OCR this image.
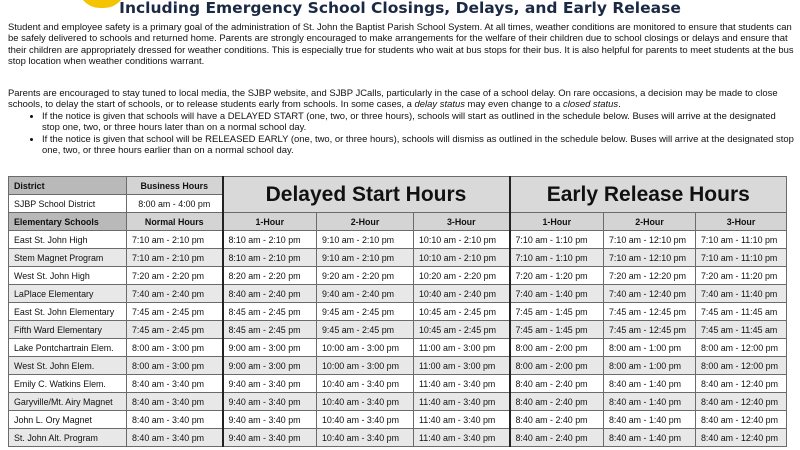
Including Emergency School Closings, Delays, and Early Release
Student and employee safety is a primary goal of the administration of St. John the Baptist Parish School System. At all times, weather conditions are monitored to ensure that students can be safely delivered to schools and returned home. Parents are strongly encouraged to make arrangements for the welfare of their children due to school closings or delays and ensure that their children are appropriately dressed for weather conditions. This is especially true for students who wait at bus stops for their bus. It is also helpful for parents to meet students at the bus stop location when weather conditions warrant.
Parents are encouraged to stay tuned to local media, the SJBP website, and SJBP JCalls, particularly in the case of a school delay. On rare occasions, a decision may be made to close schools, to delay the start of schools, or to release students early from schools. In some cases, a delay status may even change to a closed status.
• If the notice is given that schools will have a DELAYED START (one, two, or three hours), schools will start as outlined in the schedule below. Buses will arrive at the designated stop one, two, or three hours later than on a normal school day.
• If the notice is given that school will be RELEASED EARLY (one, two, or three hours), schools will dismiss as outlined in the schedule below. Buses will arrive at the designated stop one, two, or three hours earlier than on a normal school day.
District	Business Hours	Delayed Start Hours			Early Release Hours		
SJBP School District	8:00 am - 4:00 pm						
Elementary Schools	Normal Hours	1-Hour	2-Hour	3-Hour	1-Hour	2-Hour	3-Hour
East St. John High	7:10 am - 2:10 pm	8:10 am - 2:10 pm	9:10 am - 2:10 pm	10:10 am - 2:10 pm	7:10 am - 1:10 pm	7:10 am - 12:10 pm	7:10 am - 11:10 pm
Stem Magnet Program	7:10 am - 2:10 pm	8:10 am - 2:10 pm	9:10 am - 2:10 pm	10:10 am - 2:10 pm	7:10 am - 1:10 pm	7:10 am - 12:10 pm	7:10 am - 11:10 pm
West St. John High	7:20 am - 2:20 pm	8:20 am - 2:20 pm	9:20 am - 2:20 pm	10:20 am - 2:20 pm	7:20 am - 1:20 pm	7:20 am - 12:20 pm	7:20 am - 11:20 pm
LaPlace Elementary	7:40 am - 2:40 pm	8:40 am - 2:40 pm	9:40 am - 2:40 pm	10:40 am - 2:40 pm	7:40 am - 1:40 pm	7:40 am - 12:40 pm	7:40 am - 11:40 pm
East St. John Elementary	7:45 am - 2:45 pm	8:45 am - 2:45 pm	9:45 am - 2:45 pm	10:45 am - 2:45 pm	7:45 am - 1:45 pm	7:45 am - 12:45 pm	7:45 am - 11:45 am
Fifth Ward Elementary	7:45 am - 2:45 pm	8:45 am - 2:45 pm	9:45 am - 2:45 pm	10:45 am - 2:45 pm	7:45 am - 1:45 pm	7:45 am - 12:45 pm	7:45 am - 11:45 am
Lake Pontchartrain Elem.	8:00 am - 3:00 pm	9:00 am - 3:00 pm	10:00 am - 3:00 pm	11:00 am - 3:00 pm	8:00 am - 2:00 pm	8:00 am - 1:00 pm	8:00 am - 12:00 pm
West St. John Elem.	8:00 am - 3:00 pm	9:00 am - 3:00 pm	10:00 am - 3:00 pm	11:00 am - 3:00 pm	8:00 am - 2:00 pm	8:00 am - 1:00 pm	8:00 am - 12:00 pm
Emily C. Watkins Elem.	8:40 am - 3:40 pm	9:40 am - 3:40 pm	10:40 am - 3:40 pm	11:40 am - 3:40 pm	8:40 am - 2:40 pm	8:40 am - 1:40 pm	8:40 am - 12:40 pm
Garyville/Mt. Airy Magnet	8:40 am - 3:40 pm	9:40 am - 3:40 pm	10:40 am - 3:40 pm	11:40 am - 3:40 pm	8:40 am - 2:40 pm	8:40 am - 1:40 pm	8:40 am - 12:40 pm
John L. Ory Magnet	8:40 am - 3:40 pm	9:40 am - 3:40 pm	10:40 am - 3:40 pm	11:40 am - 3:40 pm	8:40 am - 2:40 pm	8:40 am - 1:40 pm	8:40 am - 12:40 pm
St. John Alt. Program	8:40 am - 3:40 pm	9:40 am - 3:40 pm	10:40 am - 3:40 pm	11:40 am - 3:40 pm	8:40 am - 2:40 pm	8:40 am - 1:40 pm	8:40 am - 12:40 pm
